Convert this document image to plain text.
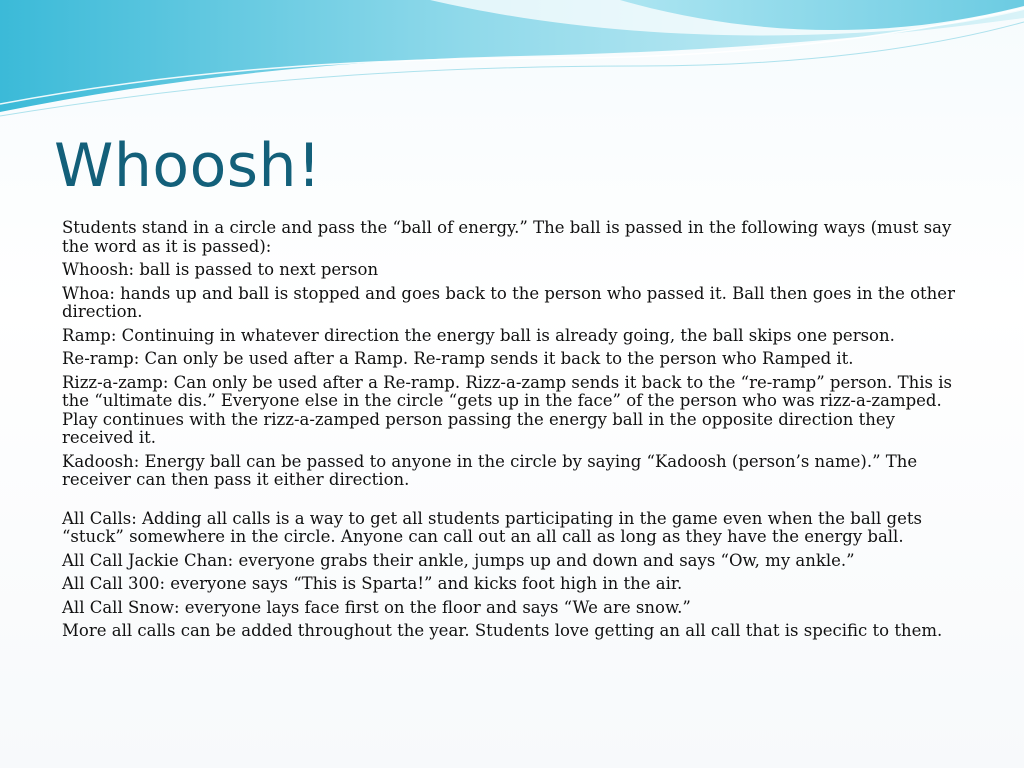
Whoosh!

Students stand in a circle and pass the “ball of energy.” The ball is passed in the following ways (must say the word as it is passed):

Whoosh: ball is passed to next person

Whoa: hands up and ball is stopped and goes back to the person who passed it. Ball then goes in the other direction.

Ramp: Continuing in whatever direction the energy ball is already going, the ball skips one person.

Re-ramp: Can only be used after a Ramp. Re-ramp sends it back to the person who Ramped it.

Rizz-a-zamp: Can only be used after a Re-ramp. Rizz-a-zamp sends it back to the “re-ramp” person. This is the “ultimate dis.” Everyone else in the circle “gets up in the face” of the person who was rizz-a-zamped. Play continues with the rizz-a-zamped person passing the energy ball in the opposite direction they received it.

Kadoosh: Energy ball can be passed to anyone in the circle by saying “Kadoosh (person’s name).” The receiver can then pass it either direction.

All Calls: Adding all calls is a way to get all students participating in the game even when the ball gets “stuck” somewhere in the circle. Anyone can call out an all call as long as they have the energy ball.

All Call Jackie Chan: everyone grabs their ankle, jumps up and down and says “Ow, my ankle.”

All Call 300: everyone says “This is Sparta!” and kicks foot high in the air.

All Call Snow: everyone lays face first on the floor and says “We are snow.”

More all calls can be added throughout the year. Students love getting an all call that is specific to them.
